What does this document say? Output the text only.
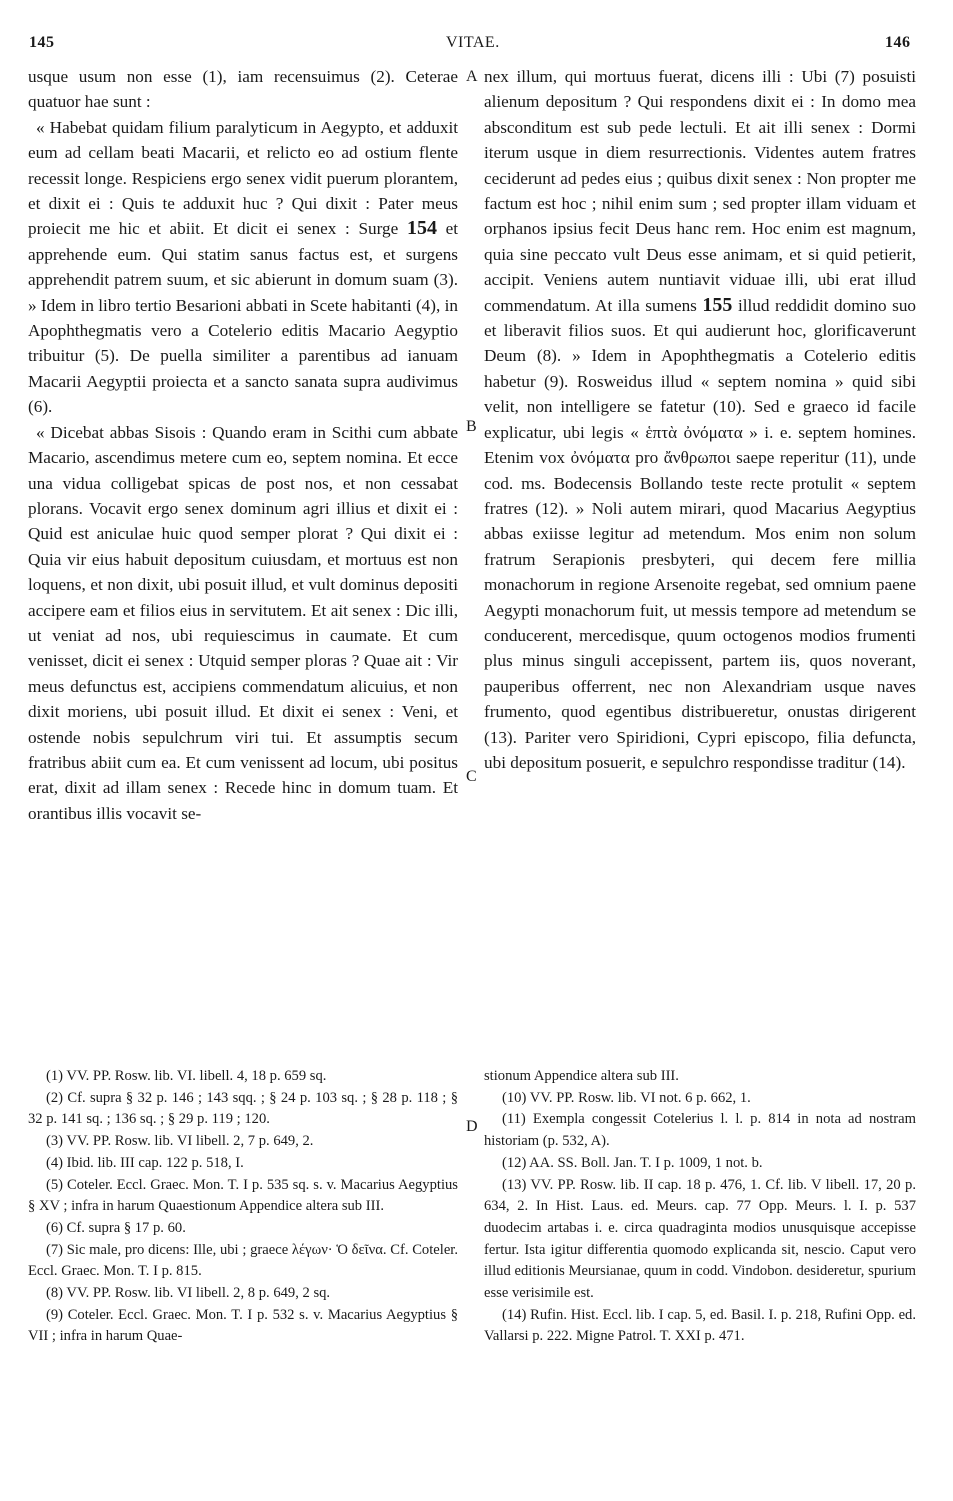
145	VITAE.	146
A
B
C
D

usque usum non esse (1), iam recensuimus (2). Ceterae quatuor hae sunt :

« Habebat quidam filium paralyticum in Aegypto, et adduxit eum ad cellam beati Macarii, et relicto eo ad ostium flente recessit longe. Respiciens ergo senex vidit puerum plorantem, et dixit ei : Quis te adduxit huc ? Qui dixit : Pater meus proiecit me hic et abiit. Et dicit ei senex : Surge 154 et apprehende eum. Qui statim sanus factus est, et surgens apprehendit patrem suum, et sic abierunt in domum suam (3). » Idem in libro tertio Besarioni abbati in Scete habitanti (4), in Apophthegmatis vero a Cotelerio editis Macario Aegyptio tribuitur (5). De puella similiter a parentibus ad ianuam Macarii Aegyptii proiecta et a sancto sanata supra audivimus (6).

« Dicebat abbas Sisois : Quando eram in Scithi cum abbate Macario, ascendimus metere cum eo, septem nomina. Et ecce una vidua colligebat spicas de post nos, et non cessabat plorans. Vocavit ergo senex dominum agri illius et dixit ei : Quid est aniculae huic quod semper plorat ? Qui dixit ei : Quia vir eius habuit depositum cuiusdam, et mortuus est non loquens, et non dixit, ubi posuit illud, et vult dominus depositi accipere eam et filios eius in servitutem. Et ait senex : Dic illi, ut veniat ad nos, ubi requiescimus in caumate. Et cum venisset, dicit ei senex : Utquid semper ploras ? Quae ait : Vir meus defunctus est, accipiens commendatum alicuius, et non dixit moriens, ubi posuit illud. Et dixit ei senex : Veni, et ostende nobis sepulchrum viri tui. Et assumptis secum fratribus abiit cum ea. Et cum venissent ad locum, ubi positus erat, dixit ad illam senex : Recede hinc in domum tuam. Et orantibus illis vocavit se-

nex illum, qui mortuus fuerat, dicens illi : Ubi (7) posuisti alienum depositum ? Qui respondens dixit ei : In domo mea absconditum est sub pede lectuli. Et ait illi senex : Dormi iterum usque in diem resurrectionis. Videntes autem fratres ceciderunt ad pedes eius ; quibus dixit senex : Non propter me factum est hoc ; nihil enim sum ; sed propter illam viduam et orphanos ipsius fecit Deus hanc rem. Hoc enim est magnum, quia sine peccato vult Deus esse animam, et si quid petierit, accipit. Veniens autem nuntiavit viduae illi, ubi erat illud commendatum. At illa sumens 155 illud reddidit domino suo et liberavit filios suos. Et qui audierunt hoc, glorificaverunt Deum (8). » Idem in Apophthegmatis a Cotelerio editis habetur (9). Rosweidus illud « septem nomina » quid sibi velit, non intelligere se fatetur (10). Sed e graeco id facile explicatur, ubi legis « ἑπτὰ ὀνόματα » i. e. septem homines. Etenim vox ὀνόματα pro ἄνθρωποι saepe reperitur (11), unde cod. ms. Bodecensis Bollando teste recte protulit « septem fratres (12). » Noli autem mirari, quod Macarius Aegyptius abbas exiisse legitur ad metendum. Mos enim non solum fratrum Serapionis presbyteri, qui decem fere millia monachorum in regione Arsenoite regebat, sed omnium paene Aegypti monachorum fuit, ut messis tempore ad metendum se conducerent, mercedisque, quum octogenos modios frumenti plus minus singuli accepissent, partem iis, quos noverant, pauperibus offerrent, nec non Alexandriam usque naves frumento, quod egentibus distribueretur, onustas dirigerent (13). Pariter vero Spiridioni, Cypri episcopo, filia defuncta, ubi depositum posuerit, e sepulchro respondisse traditur (14).

(1) VV. PP. Rosw. lib. VI. libell. 4, 18 p. 659 sq.

(2) Cf. supra § 32 p. 146 ; 143 sqq. ; § 24 p. 103 sq. ; § 28 p. 118 ; § 32 p. 141 sq. ; 136 sq. ; § 29 p. 119 ; 120.

(3) VV. PP. Rosw. lib. VI libell. 2, 7 p. 649, 2.

(4) Ibid. lib. III cap. 122 p. 518, I.

(5) Coteler. Eccl. Graec. Mon. T. I p. 535 sq. s. v. Macarius Aegyptius § XV ; infra in harum Quaestionum Appendice altera sub III.

(6) Cf. supra § 17 p. 60.

(7) Sic male, pro dicens: Ille, ubi ; graece λέγων· Ὁ δεῖνα. Cf. Coteler. Eccl. Graec. Mon. T. I p. 815.

(8) VV. PP. Rosw. lib. VI libell. 2, 8 p. 649, 2 sq.

(9) Coteler. Eccl. Graec. Mon. T. I p. 532 s. v. Macarius Aegyptius § VII ; infra in harum Quae-

stionum Appendice altera sub III.

(10) VV. PP. Rosw. lib. VI not. 6 p. 662, 1.

(11) Exempla congessit Cotelerius l. l. p. 814 in nota ad nostram historiam (p. 532, A).

(12) AA. SS. Boll. Jan. T. I p. 1009, 1 not. b.

(13) VV. PP. Rosw. lib. II cap. 18 p. 476, 1. Cf. lib. V libell. 17, 20 p. 634, 2. In Hist. Laus. ed. Meurs. cap. 77 Opp. Meurs. l. I. p. 537 duodecim artabas i. e. circa quadraginta modios unusquisque accepisse fertur. Ista igitur differentia quomodo explicanda sit, nescio. Caput vero illud editionis Meursianae, quum in codd. Vindobon. desideretur, spurium esse verisimile est.

(14) Rufin. Hist. Eccl. lib. I cap. 5, ed. Basil. I. p. 218, Rufini Opp. ed. Vallarsi p. 222. Migne Patrol. T. XXI p. 471.
